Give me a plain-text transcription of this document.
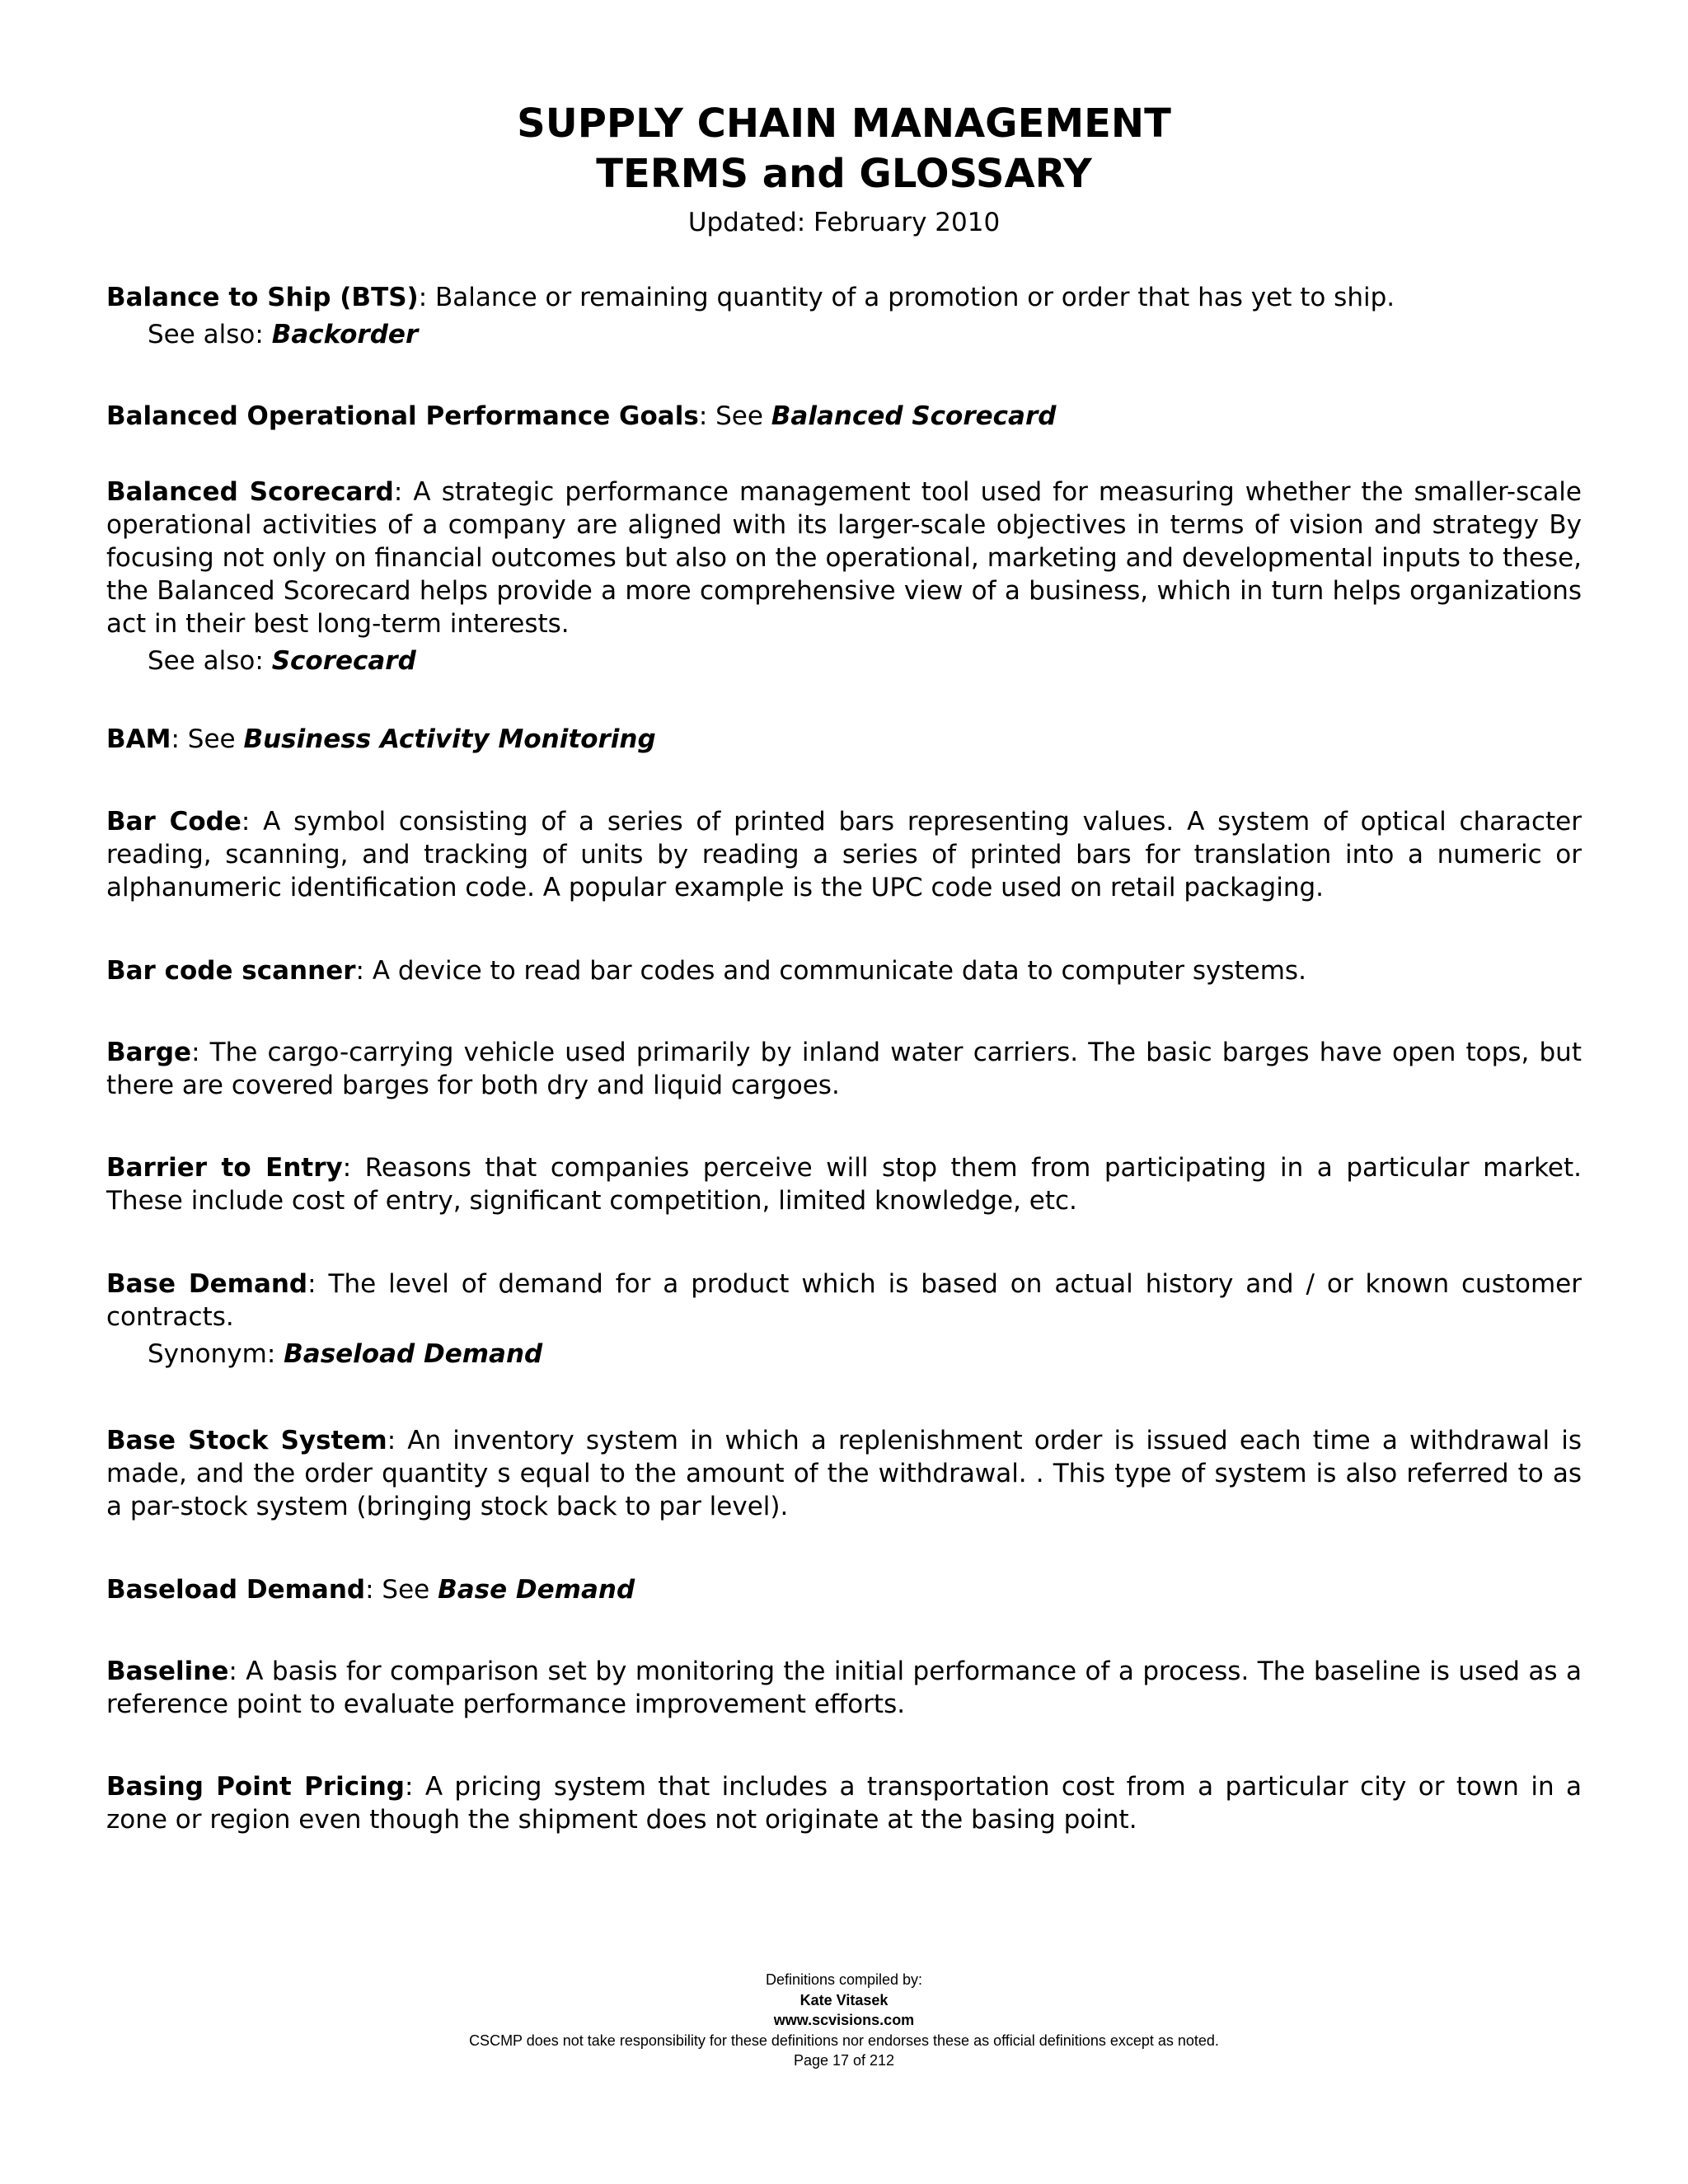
SUPPLY CHAIN MANAGEMENT
TERMS and GLOSSARY
Updated: February 2010
Balance to Ship (BTS): Balance or remaining quantity of a promotion or order that has yet to ship.
See also: Backorder
Balanced Operational Performance Goals: See Balanced Scorecard
Balanced Scorecard: A strategic performance management tool used for measuring whether the smaller-scale operational activities of a company are aligned with its larger-scale objectives in terms of vision and strategy By focusing not only on financial outcomes but also on the operational, marketing and developmental inputs to these, the Balanced Scorecard helps provide a more comprehensive view of a business, which in turn helps organizations act in their best long-term interests.
See also: Scorecard
BAM: See Business Activity Monitoring
Bar Code: A symbol consisting of a series of printed bars representing values. A system of optical character reading, scanning, and tracking of units by reading a series of printed bars for translation into a numeric or alphanumeric identification code. A popular example is the UPC code used on retail packaging.
Bar code scanner: A device to read bar codes and communicate data to computer systems.
Barge: The cargo-carrying vehicle used primarily by inland water carriers. The basic barges have open tops, but there are covered barges for both dry and liquid cargoes.
Barrier to Entry: Reasons that companies perceive will stop them from participating in a particular market. These include cost of entry, significant competition, limited knowledge, etc.
Base Demand: The level of demand for a product which is based on actual history and / or known customer contracts.
Synonym: Baseload Demand
Base Stock System: An inventory system in which a replenishment order is issued each time a withdrawal is made, and the order quantity s equal to the amount of the withdrawal. . This type of system is also referred to as a par-stock system (bringing stock back to par level).
Baseload Demand: See Base Demand
Baseline: A basis for comparison set by monitoring the initial performance of a process. The baseline is used as a reference point to evaluate performance improvement efforts.
Basing Point Pricing: A pricing system that includes a transportation cost from a particular city or town in a zone or region even though the shipment does not originate at the basing point.
Definitions compiled by:
Kate Vitasek
www.scvisions.com
CSCMP does not take responsibility for these definitions nor endorses these as official definitions except as noted.
Page 17 of 212
